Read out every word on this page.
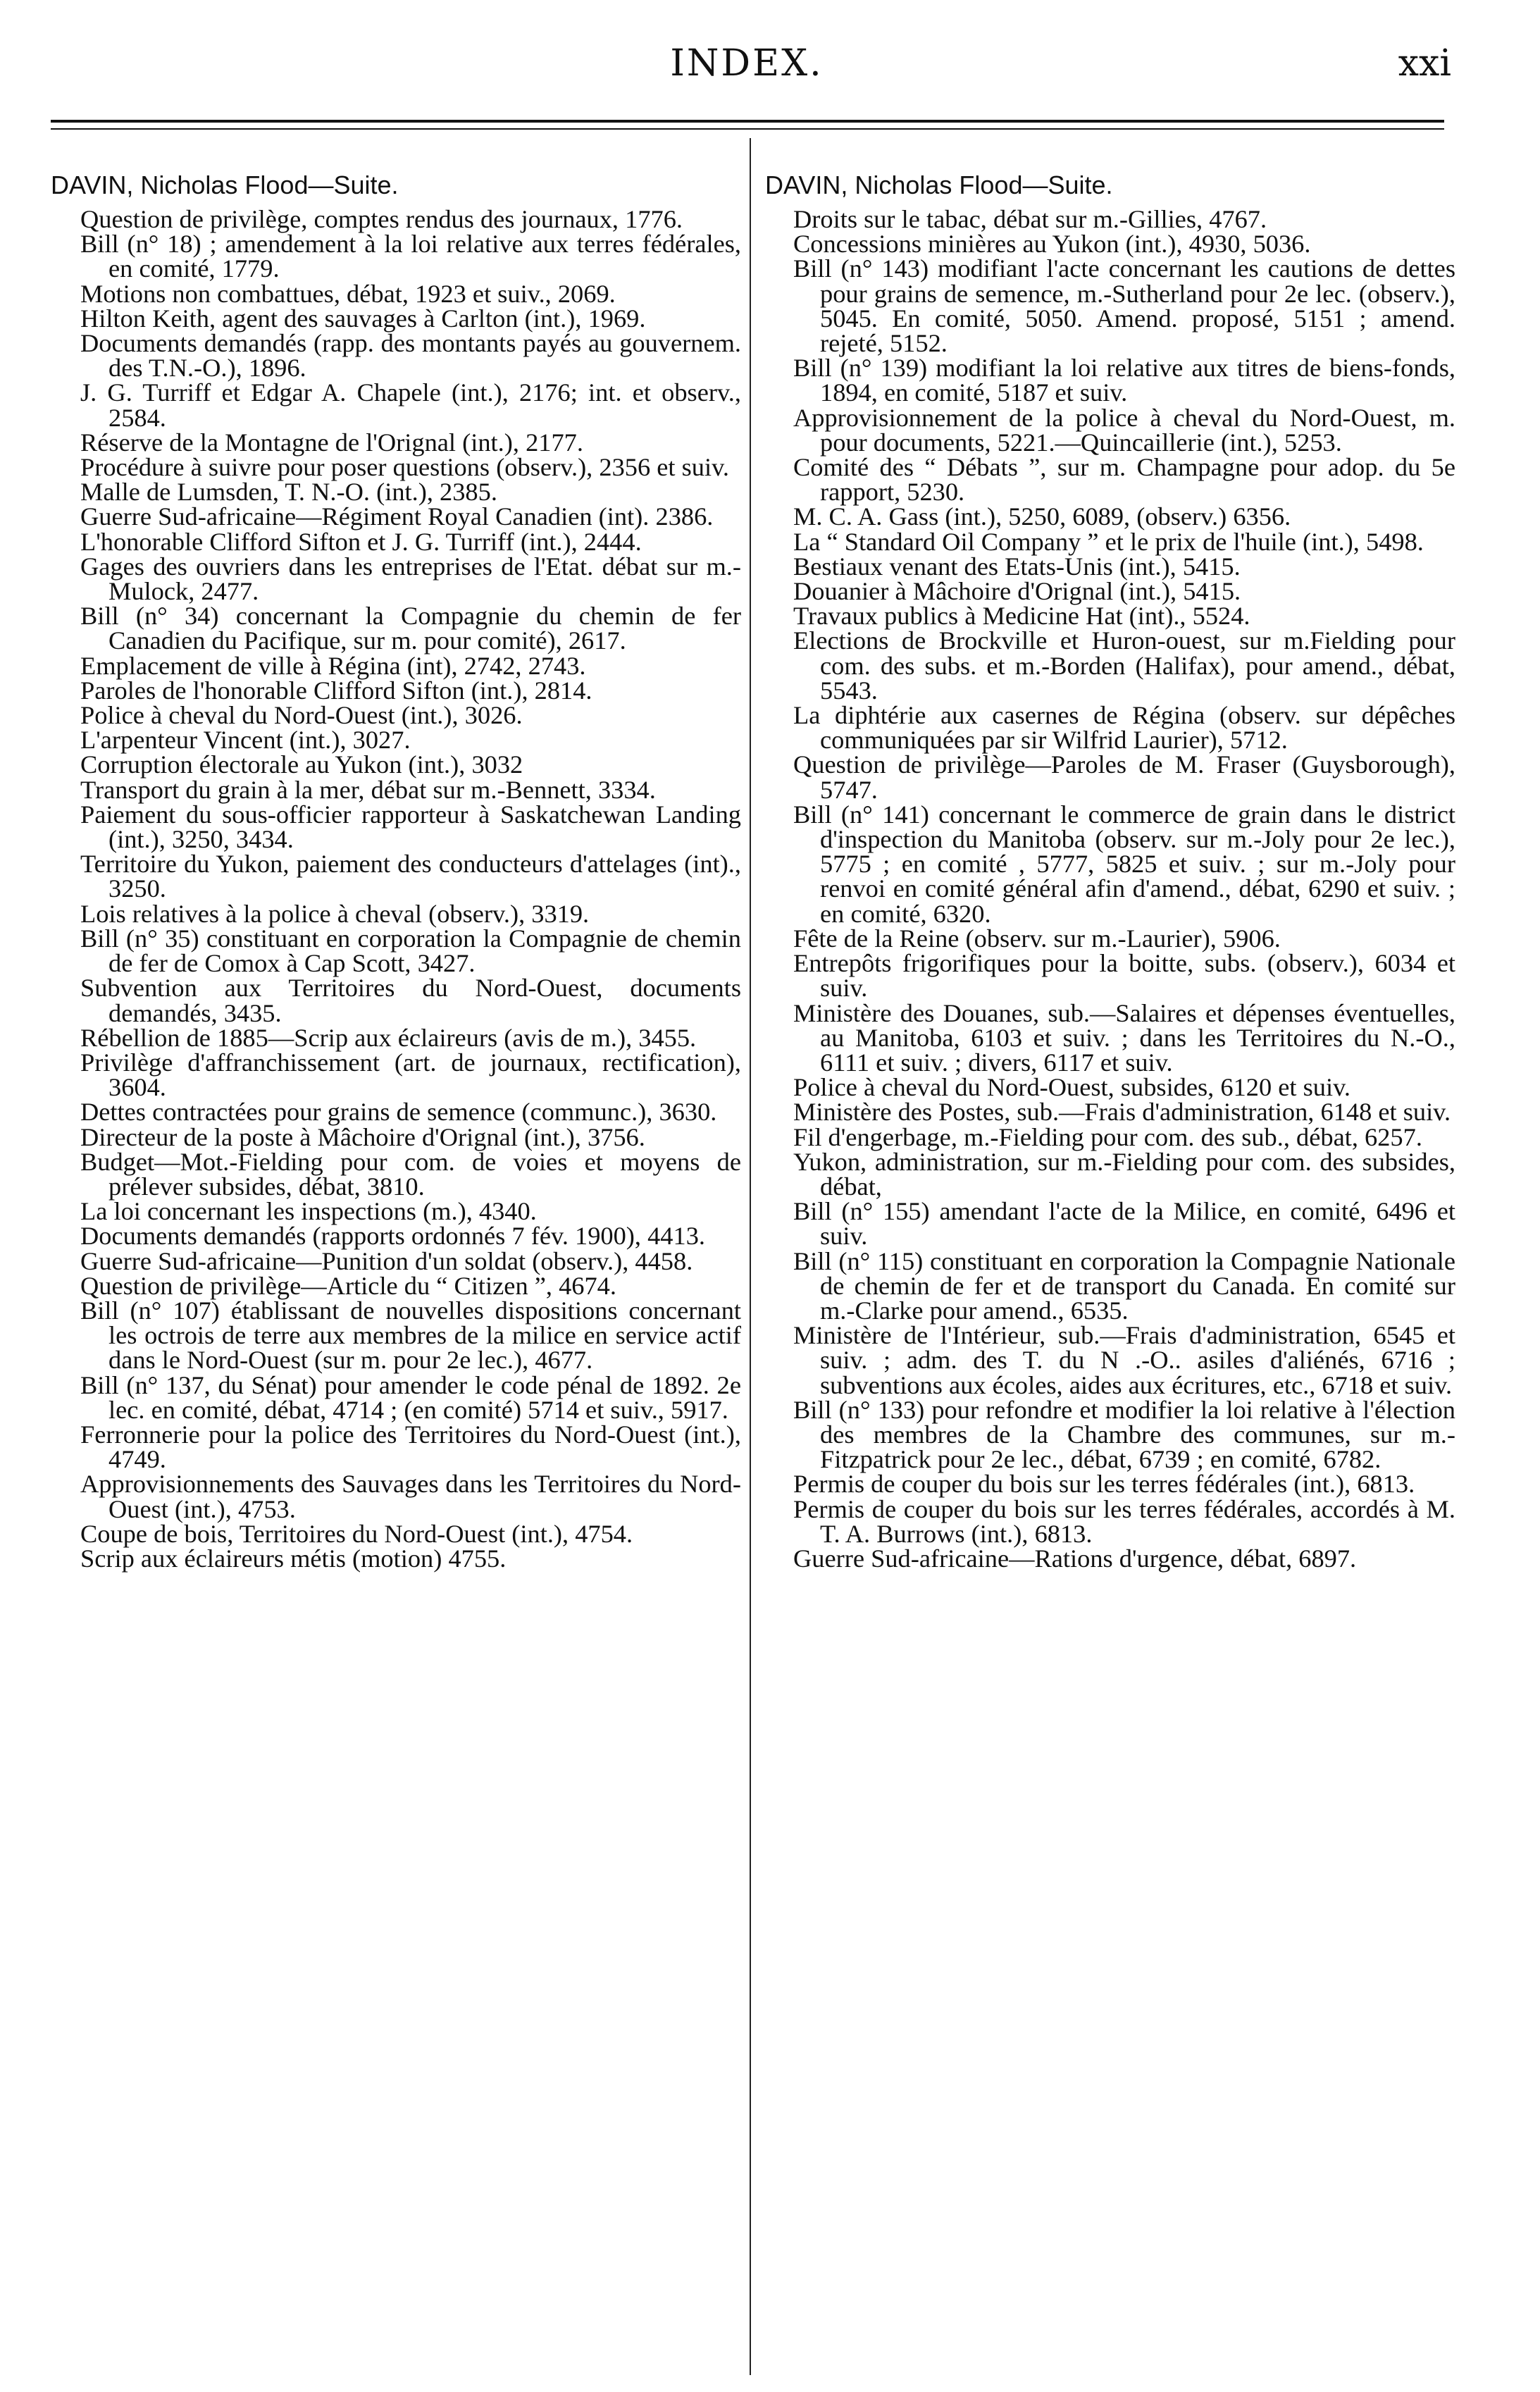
INDEX.	xxi
DAVIN, Nicholas Flood—Suite.
Question de privilège, comptes rendus des journaux, 1776.
Bill (n° 18) ; amendement à la loi relative aux terres fédérales, en comité, 1779.
Motions non combattues, débat, 1923 et suiv., 2069.
Hilton Keith, agent des sauvages à Carlton (int.), 1969.
Documents demandés (rapp. des montants payés au gouvernem. des T.N.-O.), 1896.
J. G. Turriff et Edgar A. Chapele (int.), 2176; int. et observ., 2584.
Réserve de la Montagne de l'Orignal (int.), 2177.
Procédure à suivre pour poser questions (observ.), 2356 et suiv.
Malle de Lumsden, T. N.-O. (int.), 2385.
Guerre Sud-africaine—Régiment Royal Canadien (int). 2386.
L'honorable Clifford Sifton et J. G. Turriff (int.), 2444.
Gages des ouvriers dans les entreprises de l'Etat. débat sur m.-Mulock, 2477.
Bill (n° 34) concernant la Compagnie du chemin de fer Canadien du Pacifique, sur m. pour comité), 2617.
Emplacement de ville à Régina (int), 2742, 2743.
Paroles de l'honorable Clifford Sifton (int.), 2814.
Police à cheval du Nord-Ouest (int.), 3026.
L'arpenteur Vincent (int.), 3027.
Corruption électorale au Yukon (int.), 3032
Transport du grain à la mer, débat sur m.-Bennett, 3334.
Paiement du sous-officier rapporteur à Saskatchewan Landing (int.), 3250, 3434.
Territoire du Yukon, paiement des conducteurs d'attelages (int)., 3250.
Lois relatives à la police à cheval (observ.), 3319.
Bill (n° 35) constituant en corporation la Compagnie de chemin de fer de Comox à Cap Scott, 3427.
Subvention aux Territoires du Nord-Ouest, documents demandés, 3435.
Rébellion de 1885—Scrip aux éclaireurs (avis de m.), 3455.
Privilège d'affranchissement (art. de journaux, rectification), 3604.
Dettes contractées pour grains de semence (communc.), 3630.
Directeur de la poste à Mâchoire d'Orignal (int.), 3756.
Budget—Mot.-Fielding pour com. de voies et moyens de prélever subsides, débat, 3810.
La loi concernant les inspections (m.), 4340.
Documents demandés (rapports ordonnés 7 fév. 1900), 4413.
Guerre Sud-africaine—Punition d'un soldat (observ.), 4458.
Question de privilège—Article du “ Citizen ”, 4674.
Bill (n° 107) établissant de nouvelles dispositions concernant les octrois de terre aux membres de la milice en service actif dans le Nord-Ouest (sur m. pour 2e lec.), 4677.
Bill (n° 137, du Sénat) pour amender le code pénal de 1892. 2e lec. en comité, débat, 4714 ; (en comité) 5714 et suiv., 5917.
Ferronnerie pour la police des Territoires du Nord-Ouest (int.), 4749.
Approvisionnements des Sauvages dans les Territoires du Nord-Ouest (int.), 4753.
Coupe de bois, Territoires du Nord-Ouest (int.), 4754.
Scrip aux éclaireurs métis (motion) 4755.
DAVIN, Nicholas Flood—Suite.
Droits sur le tabac, débat sur m.-Gillies, 4767.
Concessions minières au Yukon (int.), 4930, 5036.
Bill (n° 143) modifiant l'acte concernant les cautions de dettes pour grains de semence, m.-Sutherland pour 2e lec. (observ.), 5045. En comité, 5050. Amend. proposé, 5151 ; amend. rejeté, 5152.
Bill (n° 139) modifiant la loi relative aux titres de biens-fonds, 1894, en comité, 5187 et suiv.
Approvisionnement de la police à cheval du Nord-Ouest, m. pour documents, 5221.—Quincaillerie (int.), 5253.
Comité des “ Débats ”, sur m. Champagne pour adop. du 5e rapport, 5230.
M. C. A. Gass (int.), 5250, 6089, (observ.) 6356.
La “ Standard Oil Company ” et le prix de l'huile (int.), 5498.
Bestiaux venant des Etats-Unis (int.), 5415.
Douanier à Mâchoire d'Orignal (int.), 5415.
Travaux publics à Medicine Hat (int)., 5524.
Elections de Brockville et Huron-ouest, sur m.Fielding pour com. des subs. et m.-Borden (Halifax), pour amend., débat, 5543.
La diphtérie aux casernes de Régina (observ. sur dépêches communiquées par sir Wilfrid Laurier), 5712.
Question de privilège—Paroles de M. Fraser (Guysborough), 5747.
Bill (n° 141) concernant le commerce de grain dans le district d'inspection du Manitoba (observ. sur m.-Joly pour 2e lec.), 5775 ; en comité , 5777, 5825 et suiv. ; sur m.-Joly pour renvoi en comité général afin d'amend., débat, 6290 et suiv. ; en comité, 6320.
Fête de la Reine (observ. sur m.-Laurier), 5906.
Entrepôts frigorifiques pour la boitte, subs. (observ.), 6034 et suiv.
Ministère des Douanes, sub.—Salaires et dépenses éventuelles, au Manitoba, 6103 et suiv. ; dans les Territoires du N.-O., 6111 et suiv. ; divers, 6117 et suiv.
Police à cheval du Nord-Ouest, subsides, 6120 et suiv.
Ministère des Postes, sub.—Frais d'administration, 6148 et suiv.
Fil d'engerbage, m.-Fielding pour com. des sub., débat, 6257.
Yukon, administration, sur m.-Fielding pour com. des subsides, débat,
Bill (n° 155) amendant l'acte de la Milice, en comité, 6496 et suiv.
Bill (n° 115) constituant en corporation la Compagnie Nationale de chemin de fer et de transport du Canada. En comité sur m.-Clarke pour amend., 6535.
Ministère de l'Intérieur, sub.—Frais d'administration, 6545 et suiv. ; adm. des T. du N .-O.. asiles d'aliénés, 6716 ; subventions aux écoles, aides aux écritures, etc., 6718 et suiv.
Bill (n° 133) pour refondre et modifier la loi relative à l'élection des membres de la Chambre des communes, sur m.-Fitzpatrick pour 2e lec., débat, 6739 ; en comité, 6782.
Permis de couper du bois sur les terres fédérales (int.), 6813.
Permis de couper du bois sur les terres fédérales, accordés à M. T. A. Burrows (int.), 6813.
Guerre Sud-africaine—Rations d'urgence, débat, 6897.
